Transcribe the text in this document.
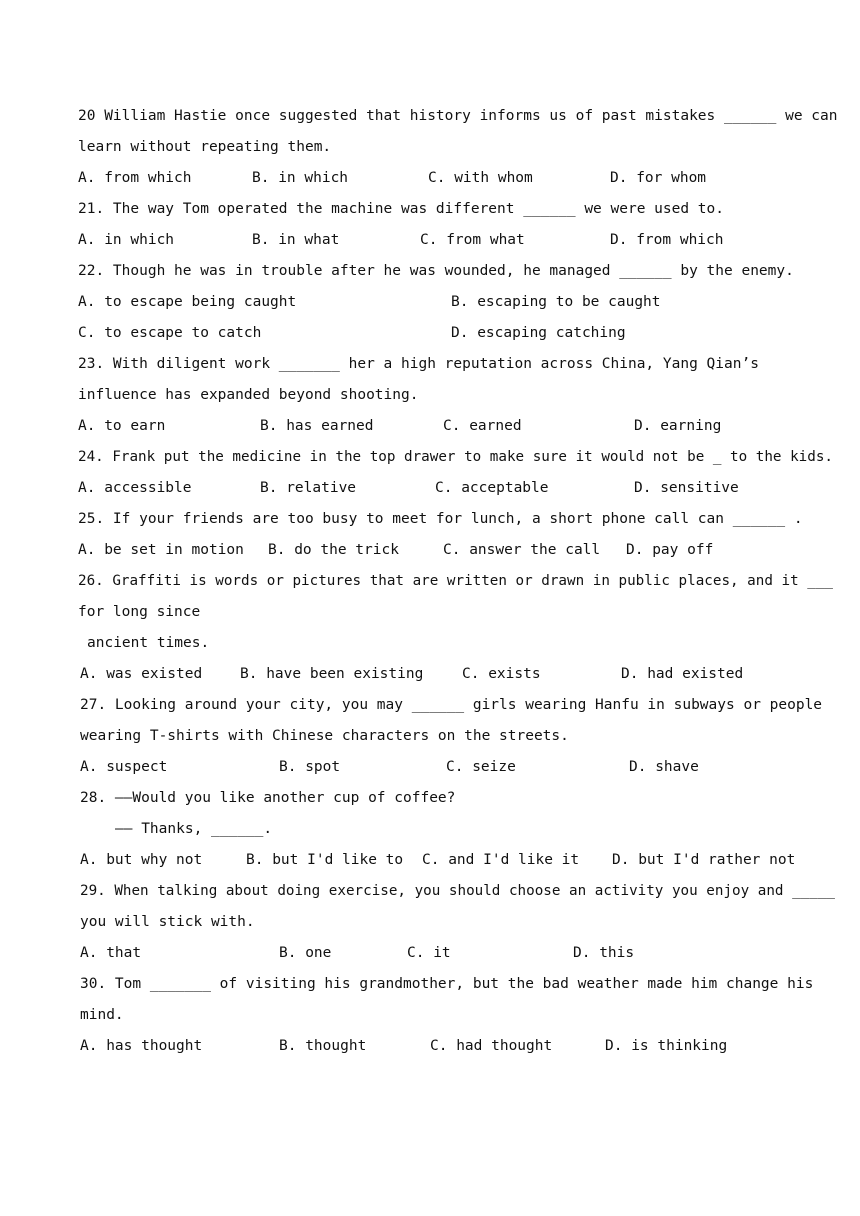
20 William Hastie once suggested that history informs us of past mistakes ______ we can
learn without repeating them.
A. from which	B. in which	C. with whom	D. for whom
21. The way Tom operated the machine was different ______ we were used to.
A. in which	B. in what	C. from what	D. from which
22. Though he was in trouble after he was wounded, he managed ______ by the enemy.
A. to escape being caught	B. escaping to be caught
C. to escape to catch	D. escaping catching
23. With diligent work _______ her a high reputation across China, Yang Qian’s
influence has expanded beyond shooting.
A. to earn	B. has earned	C. earned	D. earning
24. Frank put the medicine in the top drawer to make sure it would not be _ to the kids.
A. accessible	B. relative	C. acceptable	D. sensitive
25. If your friends are too busy to meet for lunch, a short phone call can ______ .
A. be set in motion B. do the trick	C. answer the call D. pay off
26. Graffiti is words or pictures that are written or drawn in public places, and it ___
for long since
ancient times.
A. was existed	B. have been existing	C. exists	D. had existed
27. Looking around your city, you may ______ girls wearing Hanfu in subways or people
wearing T-shirts with Chinese characters on the streets.
A. suspect	B. spot	C. seize	D. shave
28. ——Would you like another cup of coffee?
—— Thanks, ______.
A. but why not	B. but I'd like to C. and I'd like it D. but I'd rather not
29. When talking about doing exercise, you should choose an activity you enjoy and _____
you will stick with.
A. that	B. one	C. it	D. this
30. Tom _______ of visiting his grandmother, but the bad weather made him change his
mind.
A. has thought	B. thought	C. had thought	D. is thinking
